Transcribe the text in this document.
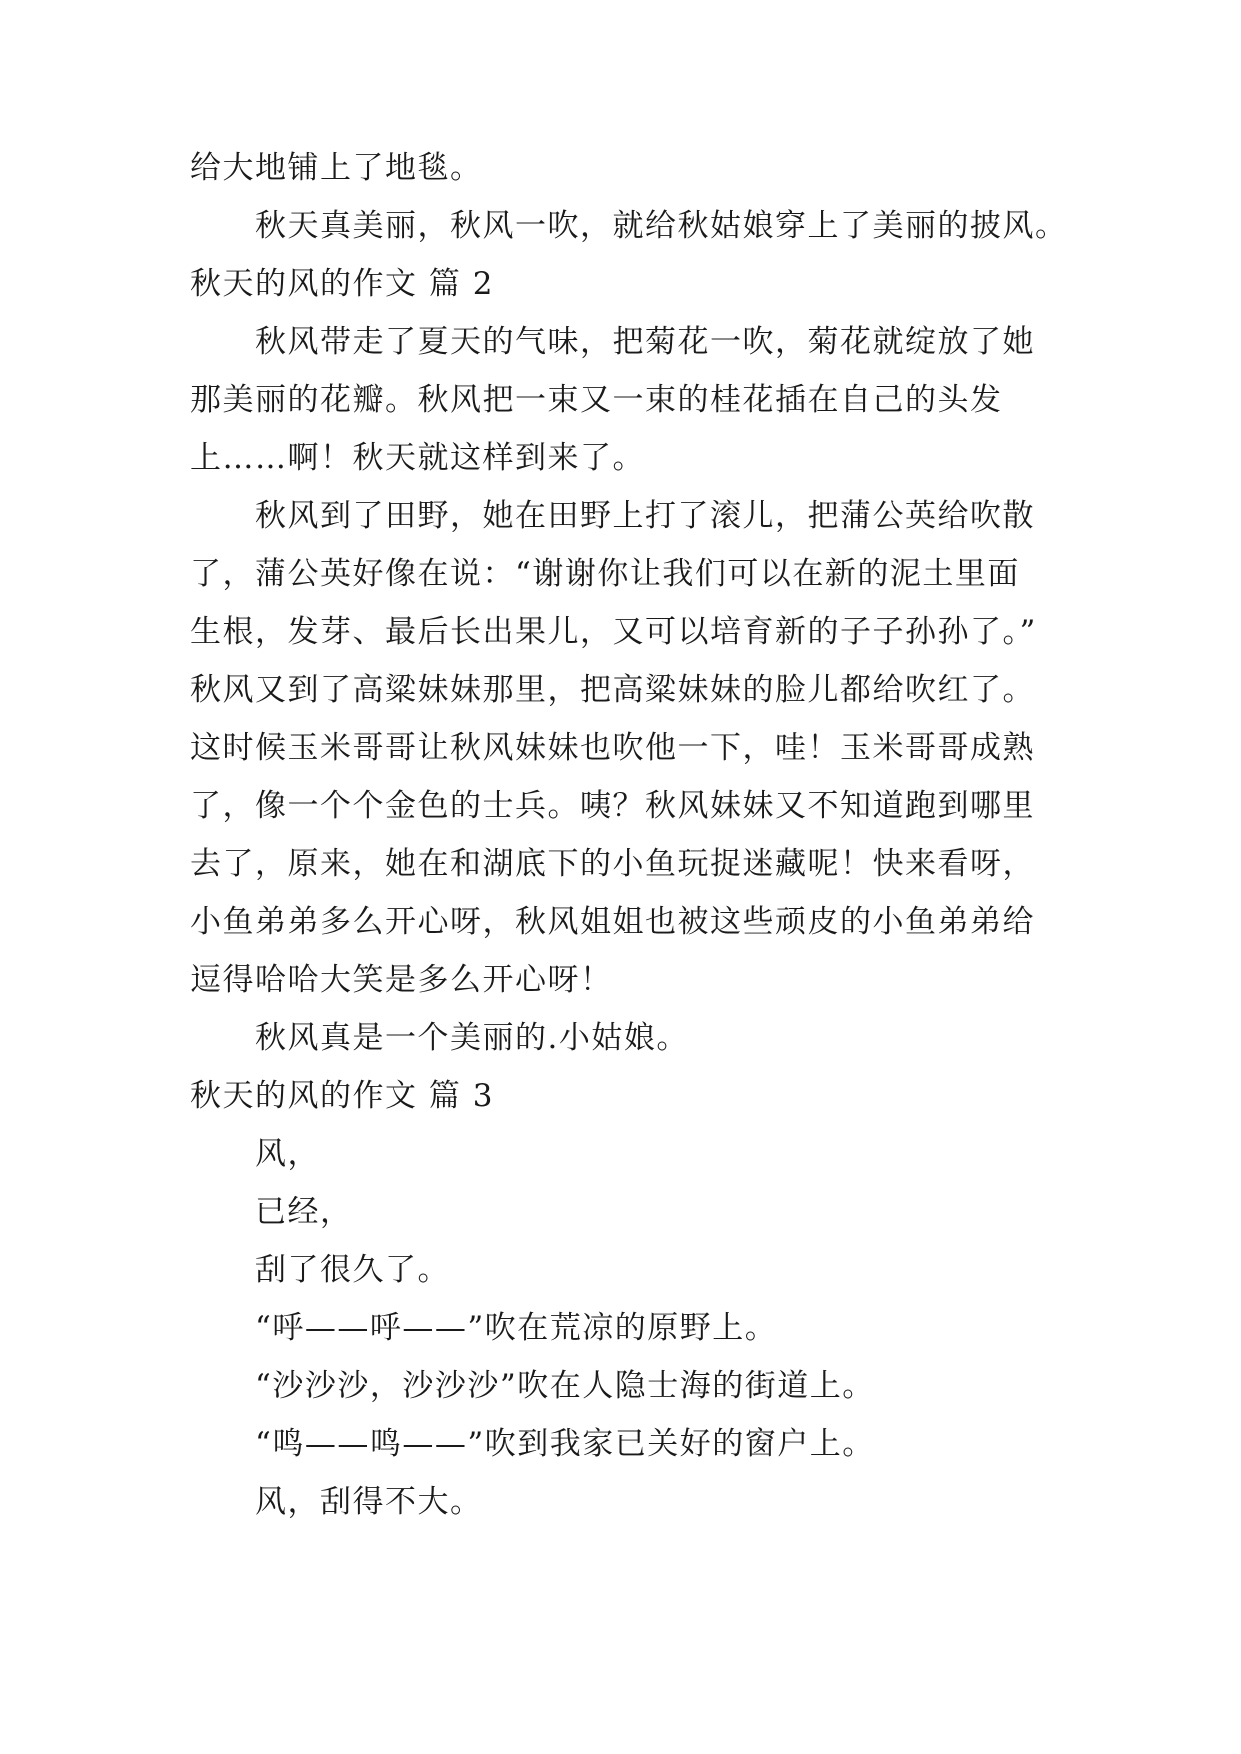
给大地铺上了地毯。
秋天真美丽，秋风一吹，就给秋姑娘穿上了美丽的披风。
秋天的风的作文 篇 2
秋风带走了夏天的气味，把菊花一吹，菊花就绽放了她
那美丽的花瓣。秋风把一束又一束的桂花插在自己的头发
上……啊！秋天就这样到来了。
秋风到了田野，她在田野上打了滚儿，把蒲公英给吹散
了，蒲公英好像在说：“谢谢你让我们可以在新的泥土里面
生根，发芽、最后长出果儿，又可以培育新的子子孙孙了。”
秋风又到了高粱妹妹那里，把高粱妹妹的脸儿都给吹红了。
这时候玉米哥哥让秋风妹妹也吹他一下，哇！玉米哥哥成熟
了，像一个个金色的士兵。咦？秋风妹妹又不知道跑到哪里
去了，原来，她在和湖底下的小鱼玩捉迷藏呢！快来看呀，
小鱼弟弟多么开心呀，秋风姐姐也被这些顽皮的小鱼弟弟给
逗得哈哈大笑是多么开心呀！
秋风真是一个美丽的.小姑娘。
秋天的风的作文 篇 3
风，
已经，
刮了很久了。
“呼——呼——”吹在荒凉的原野上。
“沙沙沙，沙沙沙”吹在人隐士海的街道上。
“鸣——鸣——”吹到我家已关好的窗户上。
风，刮得不大。
